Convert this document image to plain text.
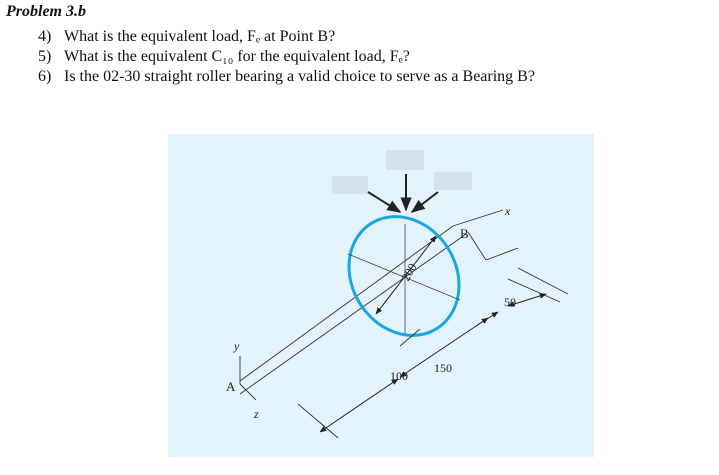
Problem 3.b
4) What is the equivalent load, Fₑ at Point B?
5) What is the equivalent C₁₀ for the equivalent load, Fₑ?
6) Is the 02-30 straight roller bearing a valid choice to serve as a Bearing B?
A
B
x
y
z
200
100
150
50
